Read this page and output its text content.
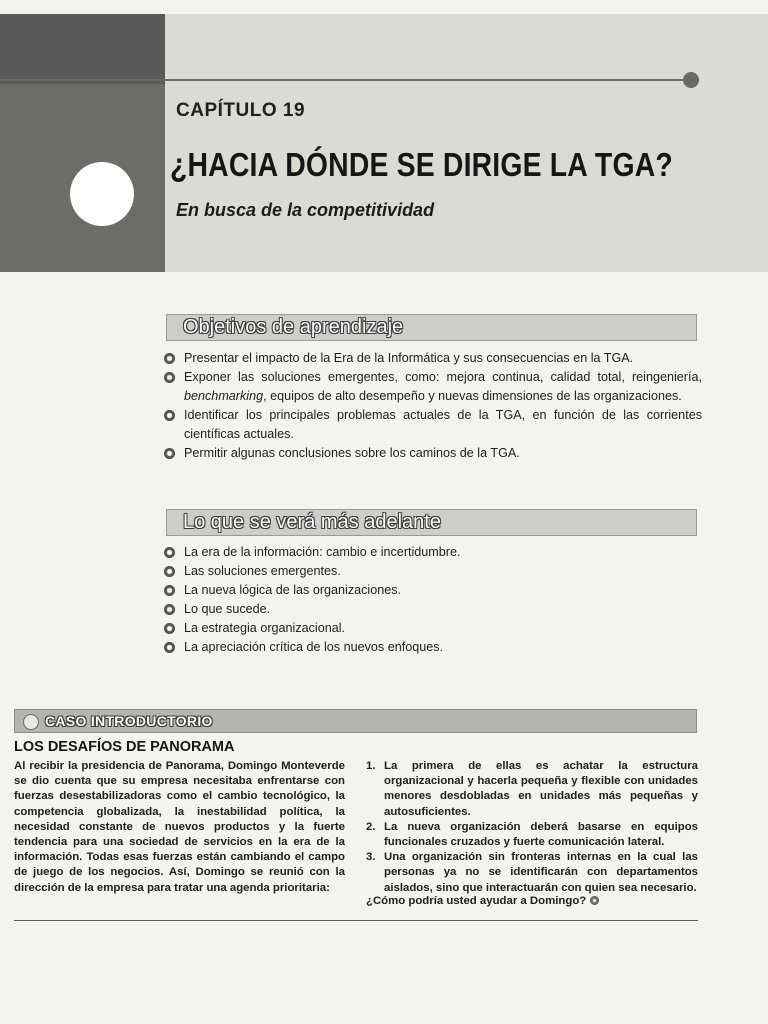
CAPÍTULO 19
¿HACIA DÓNDE SE DIRIGE LA TGA?
En busca de la competitividad
Objetivos de aprendizaje
Presentar el impacto de la Era de la Informática y sus consecuencias en la TGA.
Exponer las soluciones emergentes, como: mejora continua, calidad total, reingeniería, benchmarking, equipos de alto desempeño y nuevas dimensiones de las organizaciones.
Identificar los principales problemas actuales de la TGA, en función de las corrientes científicas actuales.
Permitir algunas conclusiones sobre los caminos de la TGA.
Lo que se verá más adelante
La era de la información: cambio e incertidumbre.
Las soluciones emergentes.
La nueva lógica de las organizaciones.
Lo que sucede.
La estrategia organizacional.
La apreciación crítica de los nuevos enfoques.
CASO INTRODUCTORIO
LOS DESAFÍOS DE PANORAMA
Al recibir la presidencia de Panorama, Domingo Monteverde se dio cuenta que su empresa necesitaba enfrentarse con fuerzas desestabilizadoras como el cambio tecnológico, la competencia globalizada, la inestabilidad política, la necesidad constante de nuevos productos y la fuerte tendencia para una sociedad de servicios en la era de la información. Todas esas fuerzas están cambiando el campo de juego de los negocios. Así, Domingo se reunió con la dirección de la empresa para tratar una agenda prioritaria:
1. La primera de ellas es achatar la estructura organizacional y hacerla pequeña y flexible con unidades menores desdobladas en unidades más pequeñas y autosuficientes.
2. La nueva organización deberá basarse en equipos funcionales cruzados y fuerte comunicación lateral.
3. Una organización sin fronteras internas en la cual las personas ya no se identificarán con departamentos aislados, sino que interactuarán con quien sea necesario.
¿Cómo podría usted ayudar a Domingo?
